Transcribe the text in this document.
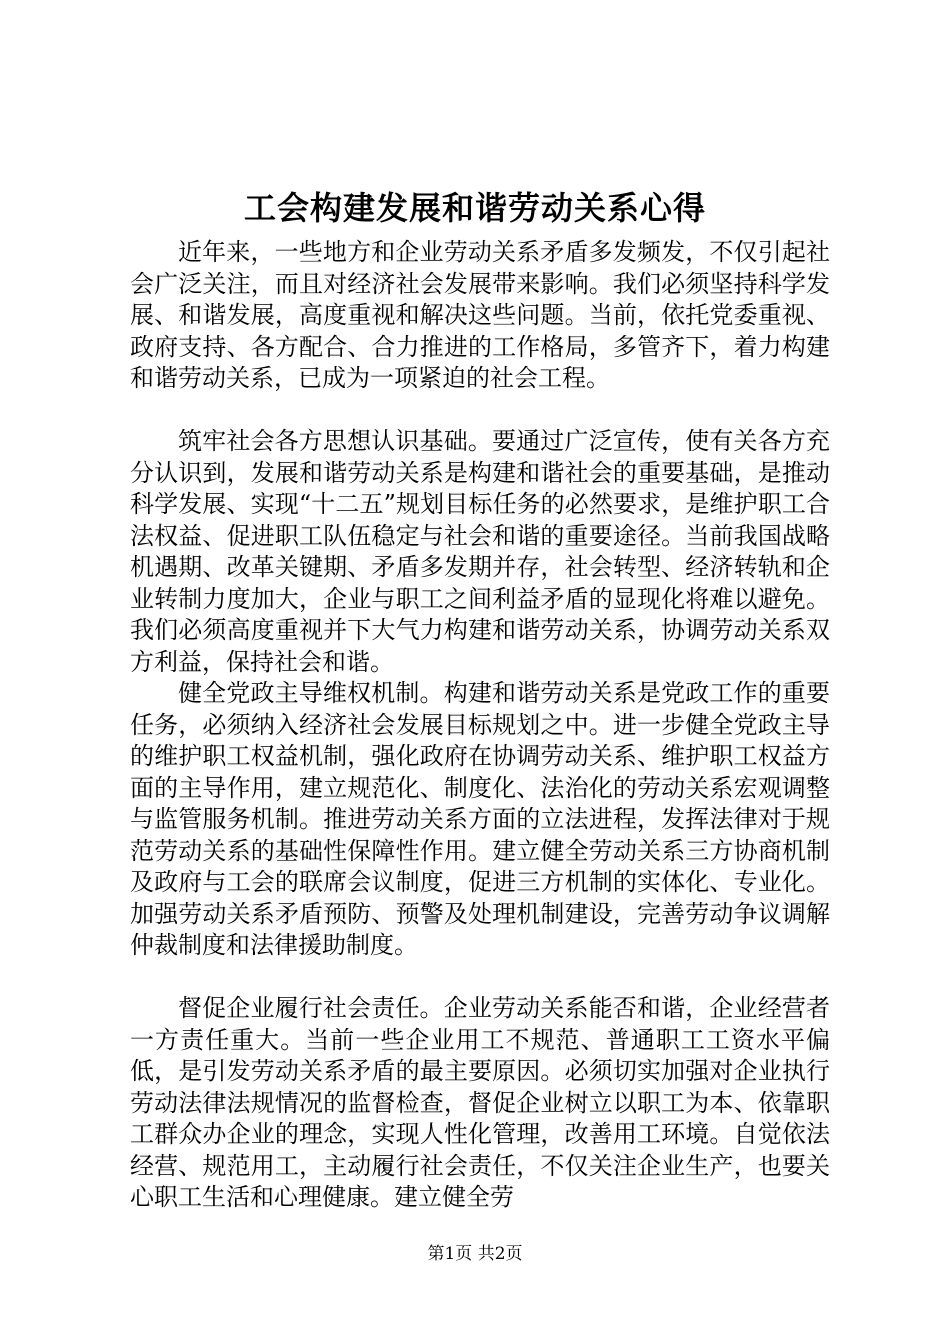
工会构建发展和谐劳动关系心得

近年来，一些地方和企业劳动关系矛盾多发频发，不仅引起社会广泛关注，而且对经济社会发展带来影响。我们必须坚持科学发展、和谐发展，高度重视和解决这些问题。当前，依托党委重视、政府支持、各方配合、合力推进的工作格局，多管齐下，着力构建和谐劳动关系，已成为一项紧迫的社会工程。

筑牢社会各方思想认识基础。要通过广泛宣传，使有关各方充分认识到，发展和谐劳动关系是构建和谐社会的重要基础，是推动科学发展、实现“十二五”规划目标任务的必然要求，是维护职工合法权益、促进职工队伍稳定与社会和谐的重要途径。当前我国战略机遇期、改革关键期、矛盾多发期并存，社会转型、经济转轨和企业转制力度加大，企业与职工之间利益矛盾的显现化将难以避免。我们必须高度重视并下大气力构建和谐劳动关系，协调劳动关系双方利益，保持社会和谐。

健全党政主导维权机制。构建和谐劳动关系是党政工作的重要任务，必须纳入经济社会发展目标规划之中。进一步健全党政主导的维护职工权益机制，强化政府在协调劳动关系、维护职工权益方面的主导作用，建立规范化、制度化、法治化的劳动关系宏观调整与监管服务机制。推进劳动关系方面的立法进程，发挥法律对于规范劳动关系的基础性保障性作用。建立健全劳动关系三方协商机制及政府与工会的联席会议制度，促进三方机制的实体化、专业化。加强劳动关系矛盾预防、预警及处理机制建设，完善劳动争议调解仲裁制度和法律援助制度。

督促企业履行社会责任。企业劳动关系能否和谐，企业经营者一方责任重大。当前一些企业用工不规范、普通职工工资水平偏低，是引发劳动关系矛盾的最主要原因。必须切实加强对企业执行劳动法律法规情况的监督检查，督促企业树立以职工为本、依靠职工群众办企业的理念，实现人性化管理，改善用工环境。自觉依法经营、规范用工，主动履行社会责任，不仅关注企业生产，也要关心职工生活和心理健康。建立健全劳

第1页 共2页
